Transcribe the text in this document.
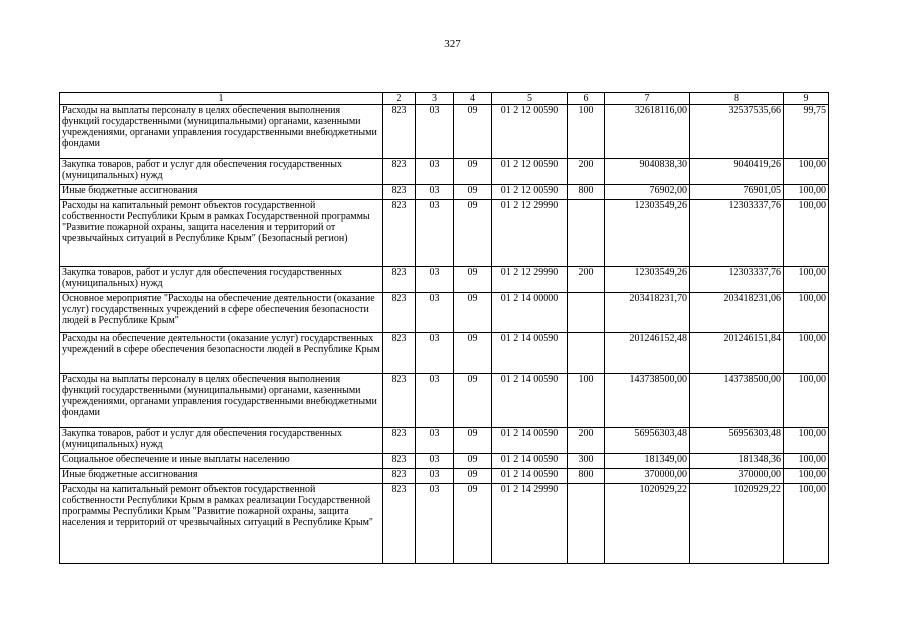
327
1	2	3	4	5	6	7	8	9
Расходы на выплаты персоналу в целях обеспечения выполнения функций государственными (муниципальными) органами, казенными учреждениями, органами управления государственными внебюджетными фондами	823	03	09	01 2 12 00590	100	32618116,00	32537535,66	99,75
Закупка товаров, работ и услуг для обеспечения государственных (муниципальных) нужд	823	03	09	01 2 12 00590	200	9040838,30	9040419,26	100,00
Иные бюджетные ассигнования	823	03	09	01 2 12 00590	800	76902,00	76901,05	100,00
Расходы на капитальный ремонт объектов государственной собственности Республики Крым в рамках Государственной программы "Развитие пожарной охраны, защита населения и территорий от чрезвычайных ситуаций в Республике Крым" (Безопасный регион)	823	03	09	01 2 12 29990		12303549,26	12303337,76	100,00
Закупка товаров, работ и услуг для обеспечения государственных (муниципальных) нужд	823	03	09	01 2 12 29990	200	12303549,26	12303337,76	100,00
Основное мероприятие "Расходы на обеспечение деятельности (оказание услуг) государственных учреждений в сфере обеспечения безопасности людей в Республике Крым"	823	03	09	01 2 14 00000		203418231,70	203418231,06	100,00
Расходы на обеспечение деятельности (оказание услуг) государственных учреждений в сфере обеспечения безопасности людей в Республике Крым	823	03	09	01 2 14 00590		201246152,48	201246151,84	100,00
Расходы на выплаты персоналу в целях обеспечения выполнения функций государственными (муниципальными) органами, казенными учреждениями, органами управления государственными внебюджетными фондами	823	03	09	01 2 14 00590	100	143738500,00	143738500,00	100,00
Закупка товаров, работ и услуг для обеспечения государственных (муниципальных) нужд	823	03	09	01 2 14 00590	200	56956303,48	56956303,48	100,00
Социальное обеспечение и иные выплаты населению	823	03	09	01 2 14 00590	300	181349,00	181348,36	100,00
Иные бюджетные ассигнования	823	03	09	01 2 14 00590	800	370000,00	370000,00	100,00
Расходы на капитальный ремонт объектов государственной собственности Республики Крым в рамках реализации Государственной программы Республики Крым "Развитие пожарной охраны, защита населения и территорий от чрезвычайных ситуаций в Республике Крым"	823	03	09	01 2 14 29990		1020929,22	1020929,22	100,00
